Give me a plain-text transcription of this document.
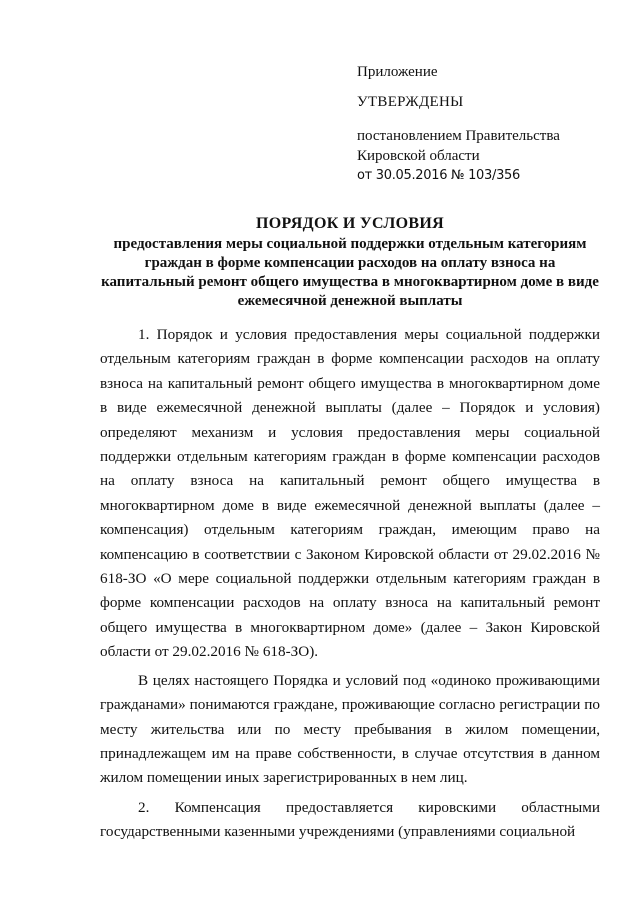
Приложение
УТВЕРЖДЕНЫ
постановлением Правительства
Кировской области
от 30.05.2016 № 103/356
ПОРЯДОК И УСЛОВИЯ
предоставления меры социальной поддержки отдельным категориям граждан в форме компенсации расходов на оплату взноса на капитальный ремонт общего имущества в многоквартирном доме в виде ежемесячной денежной выплаты

1. Порядок и условия предоставления меры социальной поддержки отдельным категориям граждан в форме компенсации расходов на оплату взноса на капитальный ремонт общего имущества в многоквартирном доме в виде ежемесячной денежной выплаты (далее – Порядок и условия) определяют механизм и условия предоставления меры социальной поддержки отдельным категориям граждан в форме компенсации расходов на оплату взноса на капитальный ремонт общего имущества в многоквартирном доме в виде ежемесячной денежной выплаты (далее – компенсация) отдельным категориям граждан, имеющим право на компенсацию в соответствии с Законом Кировской области от 29.02.2016 № 618-ЗО «О мере социальной поддержки отдельным категориям граждан в форме компенсации расходов на оплату взноса на капитальный ремонт общего имущества в многоквартирном доме» (далее – Закон Кировской области от 29.02.2016 № 618-ЗО).

В целях настоящего Порядка и условий под «одиноко проживающими гражданами» понимаются граждане, проживающие согласно регистрации по месту жительства или по месту пребывания в жилом помещении, принадлежащем им на праве собственности, в случае отсутствия в данном жилом помещении иных зарегистрированных в нем лиц.

2. Компенсация предоставляется кировскими областными государственными казенными учреждениями (управлениями социальной
